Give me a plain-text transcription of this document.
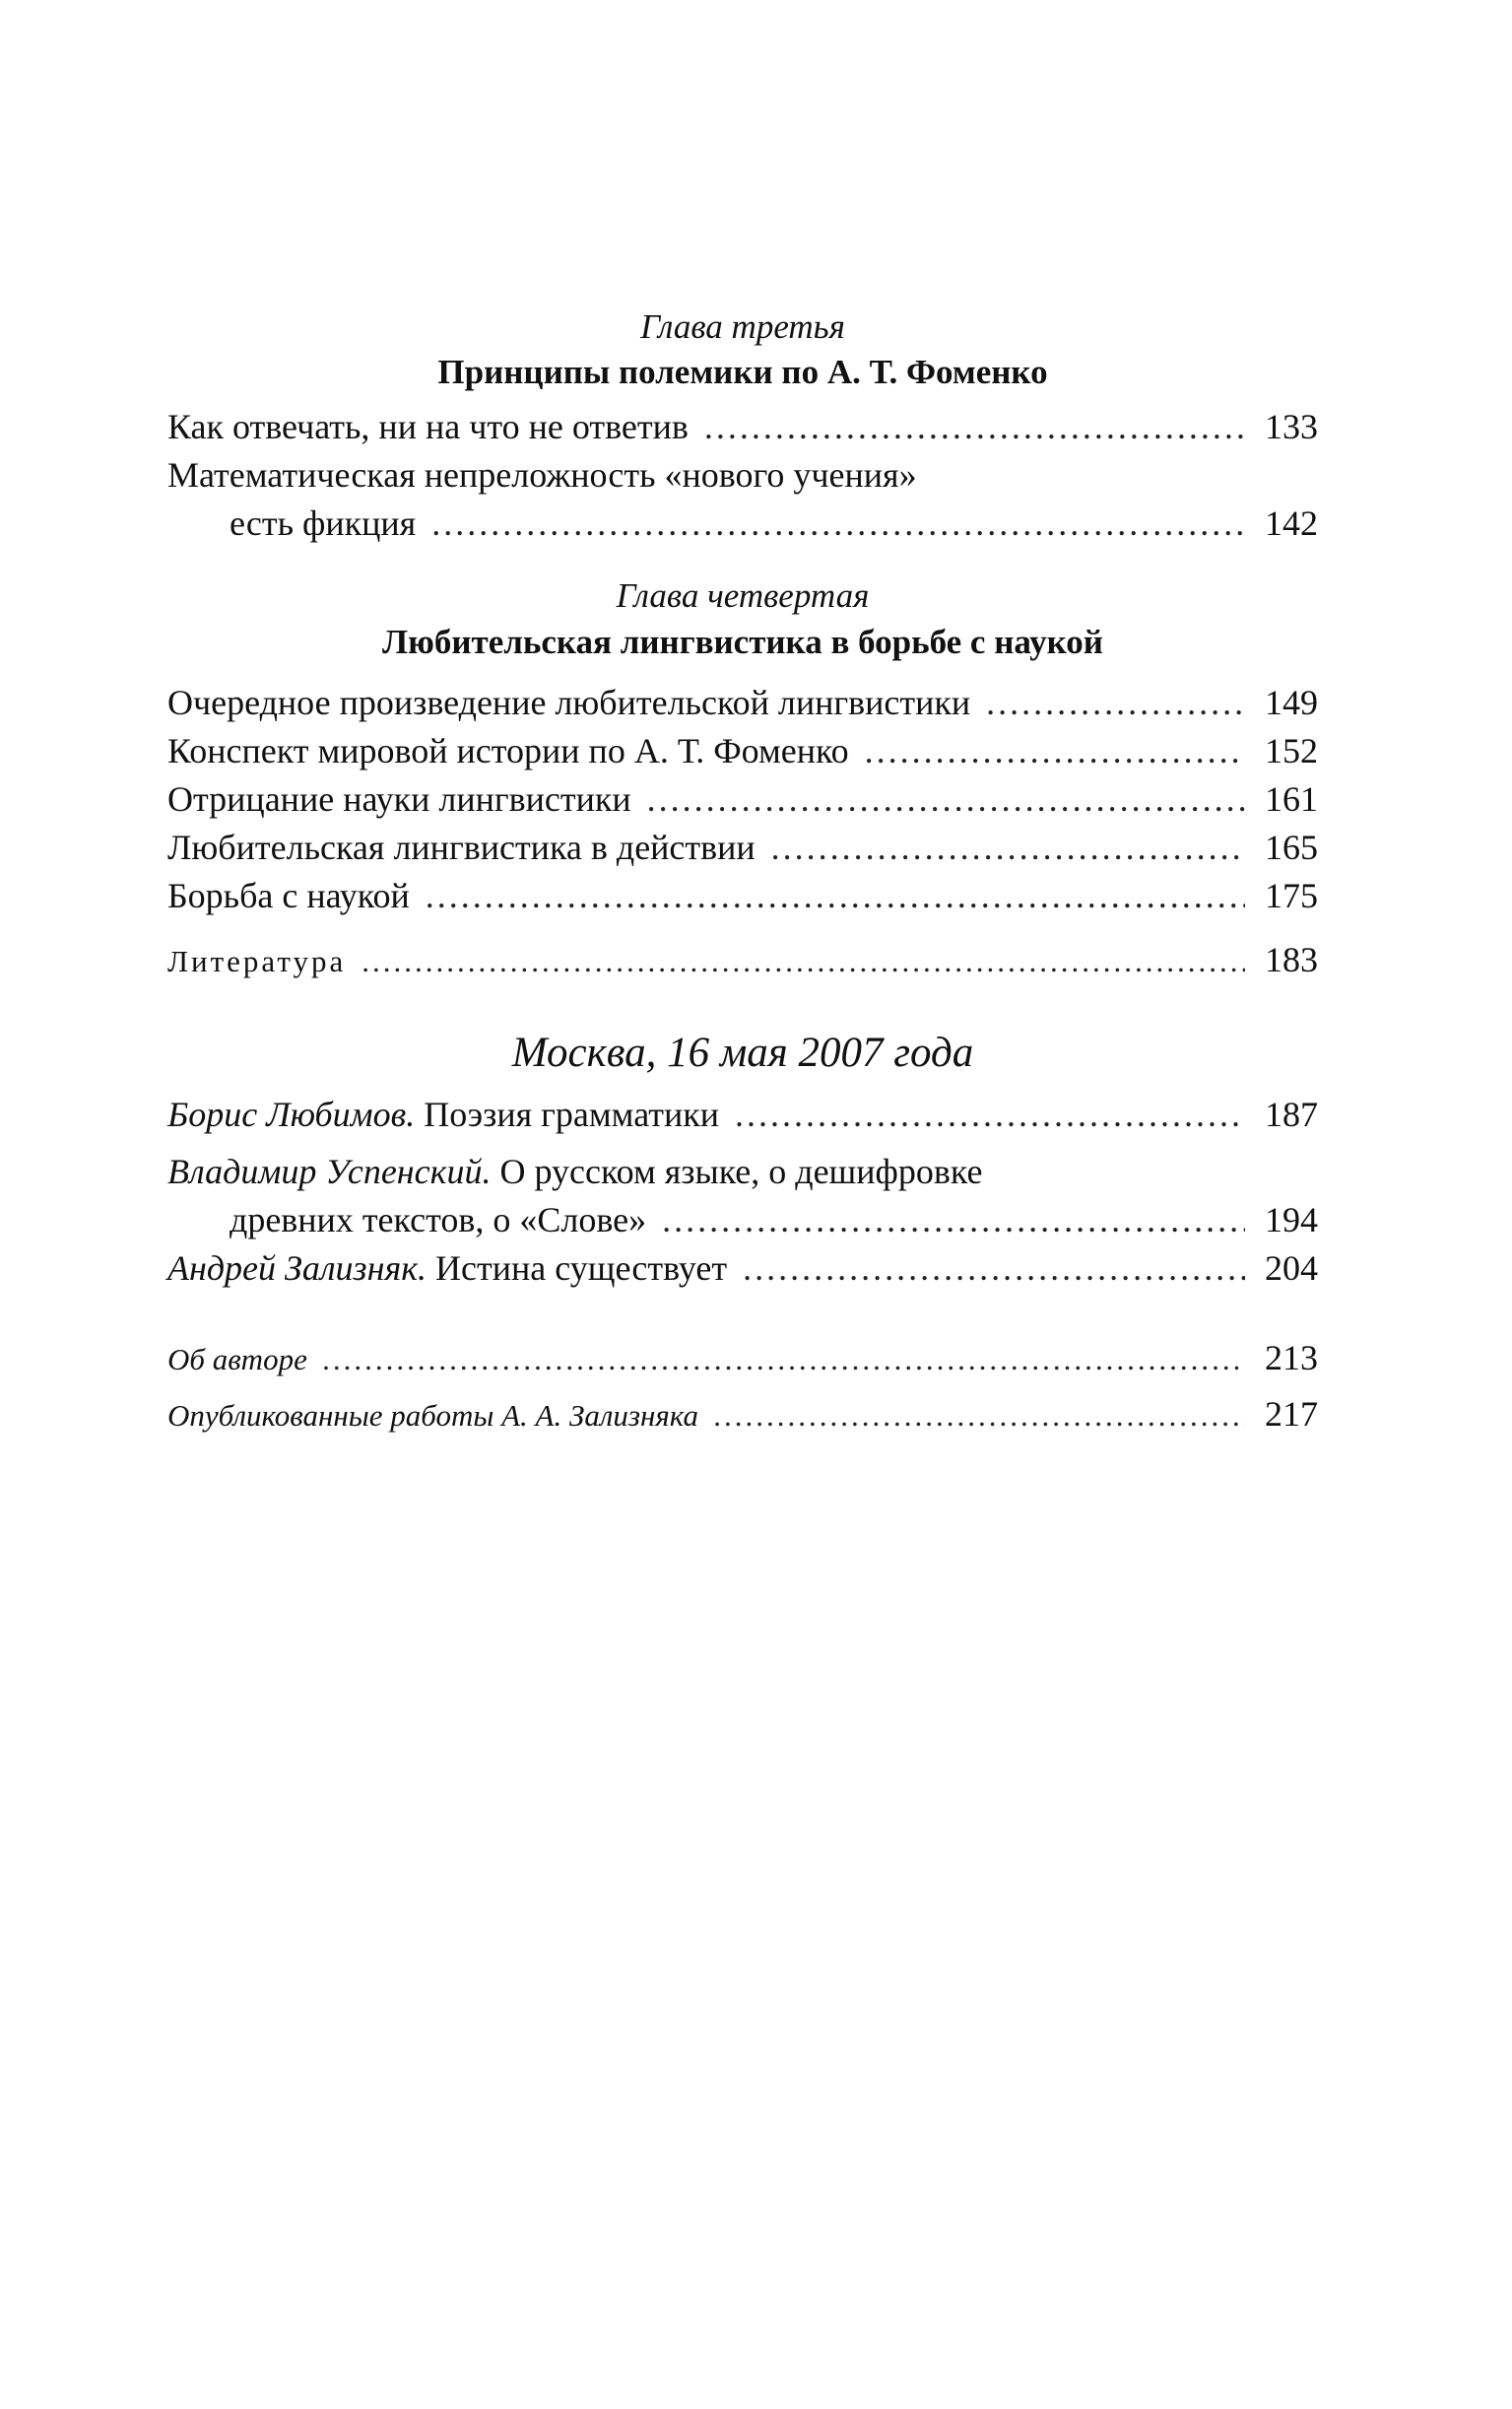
Глава третья
Принципы полемики по А. Т. Фоменко
Как отвечать, ни на что не ответив .....	133
Математическая непреложность «нового учения»
есть фикция .....	142
Глава четвертая
Любительская лингвистика в борьбе с наукой
Очередное произведение любительской лингвистики .....	149
Конспект мировой истории по А. Т. Фоменко .....	152
Отрицание науки лингвистики .....	161
Любительская лингвистика в действии .....	165
Борьба с наукой .....	175
Литература .....	183
Москва, 16 мая 2007 года
Борис Любимов. Поэзия грамматики .....	187
Владимир Успенский. О русском языке, о дешифровке
древних текстов, о «Слове» .....	194
Андрей Зализняк. Истина существует .....	204
Об авторе .....	213
Опубликованные работы А. А. Зализняка .....	217
